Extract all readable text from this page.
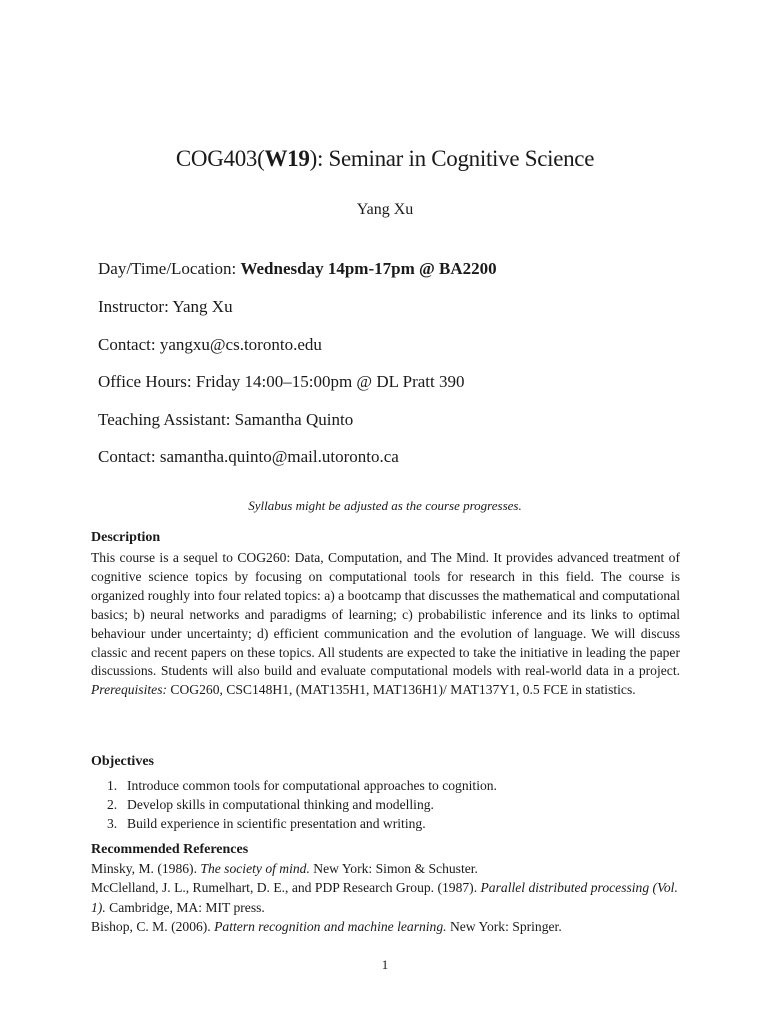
COG403(W19): Seminar in Cognitive Science
Yang Xu
Day/Time/Location: Wednesday 14pm-17pm @ BA2200
Instructor: Yang Xu
Contact: yangxu@cs.toronto.edu
Office Hours: Friday 14:00–15:00pm @ DL Pratt 390
Teaching Assistant: Samantha Quinto
Contact: samantha.quinto@mail.utoronto.ca
Syllabus might be adjusted as the course progresses.
Description
This course is a sequel to COG260: Data, Computation, and The Mind. It provides advanced treatment of cognitive science topics by focusing on computational tools for research in this field. The course is organized roughly into four related topics: a) a bootcamp that discusses the mathematical and computational basics; b) neural networks and paradigms of learning; c) probabilistic inference and its links to optimal behaviour under uncertainty; d) efficient communication and the evolution of language. We will discuss classic and recent papers on these topics. All students are expected to take the initiative in leading the paper discussions. Students will also build and evaluate computational models with real-world data in a project. Prerequisites: COG260, CSC148H1, (MAT135H1, MAT136H1)/ MAT137Y1, 0.5 FCE in statistics.
Objectives
1. Introduce common tools for computational approaches to cognition.
2. Develop skills in computational thinking and modelling.
3. Build experience in scientific presentation and writing.
Recommended References
Minsky, M. (1986). The society of mind. New York: Simon & Schuster.
McClelland, J. L., Rumelhart, D. E., and PDP Research Group. (1987). Parallel distributed processing (Vol. 1). Cambridge, MA: MIT press.
Bishop, C. M. (2006). Pattern recognition and machine learning. New York: Springer.
1
